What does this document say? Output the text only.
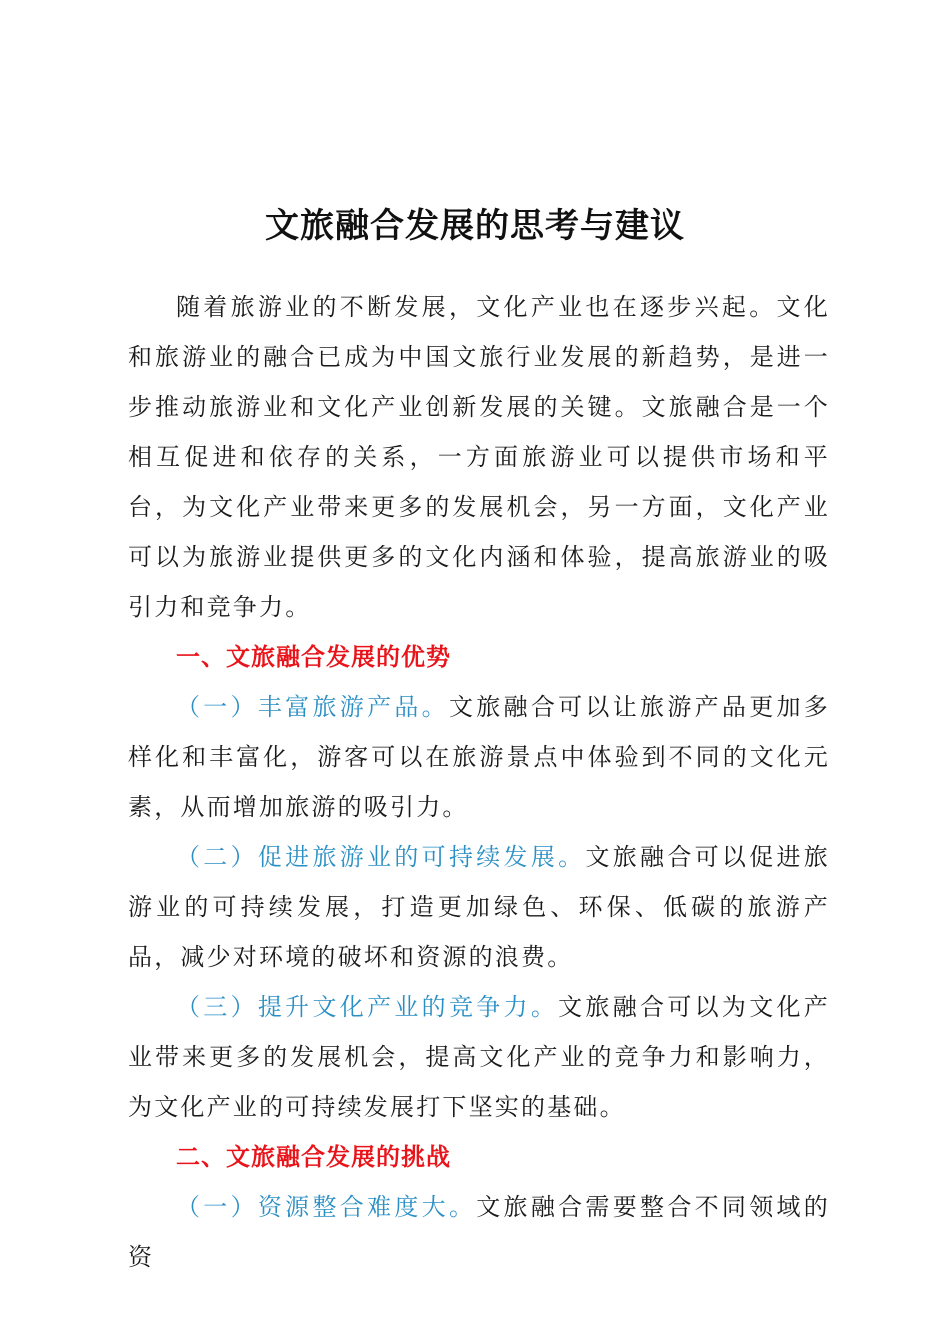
文旅融合发展的思考与建议

随着旅游业的不断发展，文化产业也在逐步兴起。文化和旅游业的融合已成为中国文旅行业发展的新趋势，是进一步推动旅游业和文化产业创新发展的关键。文旅融合是一个相互促进和依存的关系，一方面旅游业可以提供市场和平台，为文化产业带来更多的发展机会，另一方面，文化产业可以为旅游业提供更多的文化内涵和体验，提高旅游业的吸引力和竞争力。

一、文旅融合发展的优势

（一）丰富旅游产品。文旅融合可以让旅游产品更加多样化和丰富化，游客可以在旅游景点中体验到不同的文化元素，从而增加旅游的吸引力。

（二）促进旅游业的可持续发展。文旅融合可以促进旅游业的可持续发展，打造更加绿色、环保、低碳的旅游产品，减少对环境的破坏和资源的浪费。

（三）提升文化产业的竞争力。文旅融合可以为文化产业带来更多的发展机会，提高文化产业的竞争力和影响力，为文化产业的可持续发展打下坚实的基础。

二、文旅融合发展的挑战

（一）资源整合难度大。文旅融合需要整合不同领域的资
